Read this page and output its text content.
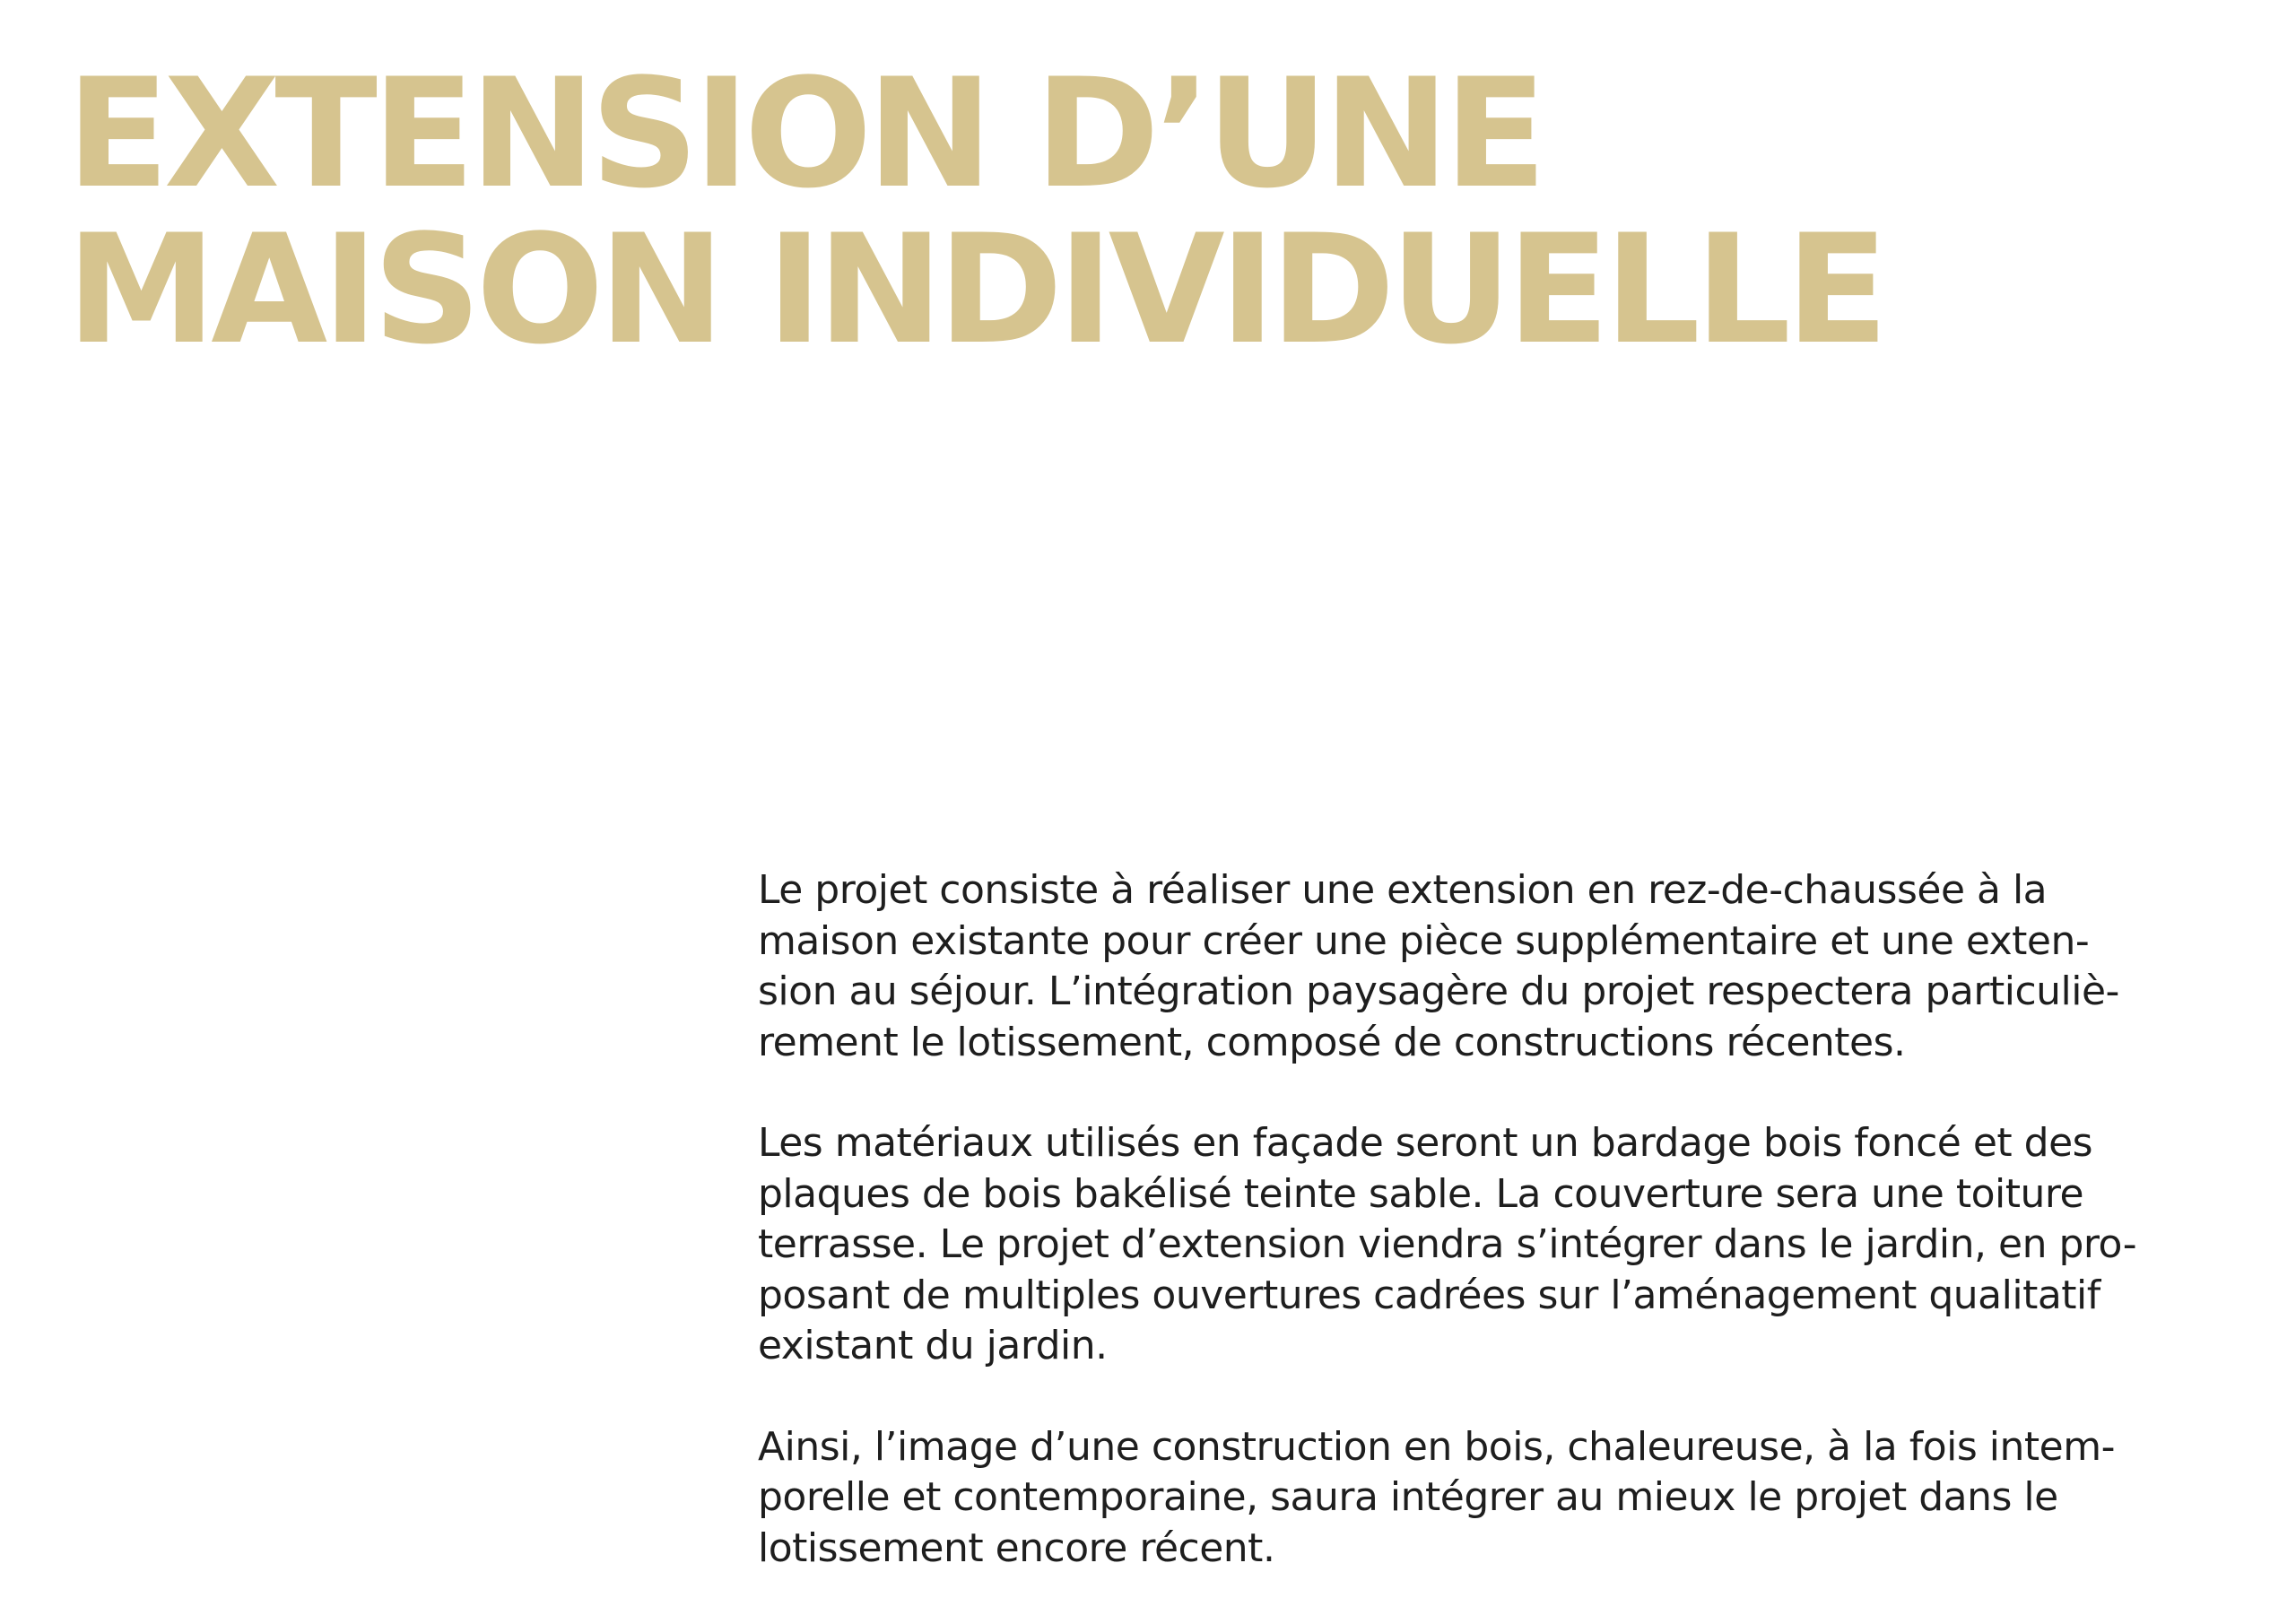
EXTENSION D’UNE
MAISON INDIVIDUELLE

Le projet consiste à réaliser une extension en rez-de-chaussée à la
maison existante pour créer une pièce supplémentaire et une exten-
sion au séjour. L’intégration paysagère du projet respectera particuliè-
rement le lotissement, composé de constructions récentes.

Les matériaux utilisés en façade seront un bardage bois foncé et des
plaques de bois bakélisé teinte sable. La couverture sera une toiture
terrasse. Le projet d’extension viendra s’intégrer dans le jardin, en pro-
posant de multiples ouvertures cadrées sur l’aménagement qualitatif
existant du jardin.

Ainsi, l’image d’une construction en bois, chaleureuse, à la fois intem-
porelle et contemporaine, saura intégrer au mieux le projet dans le
lotissement encore récent.
